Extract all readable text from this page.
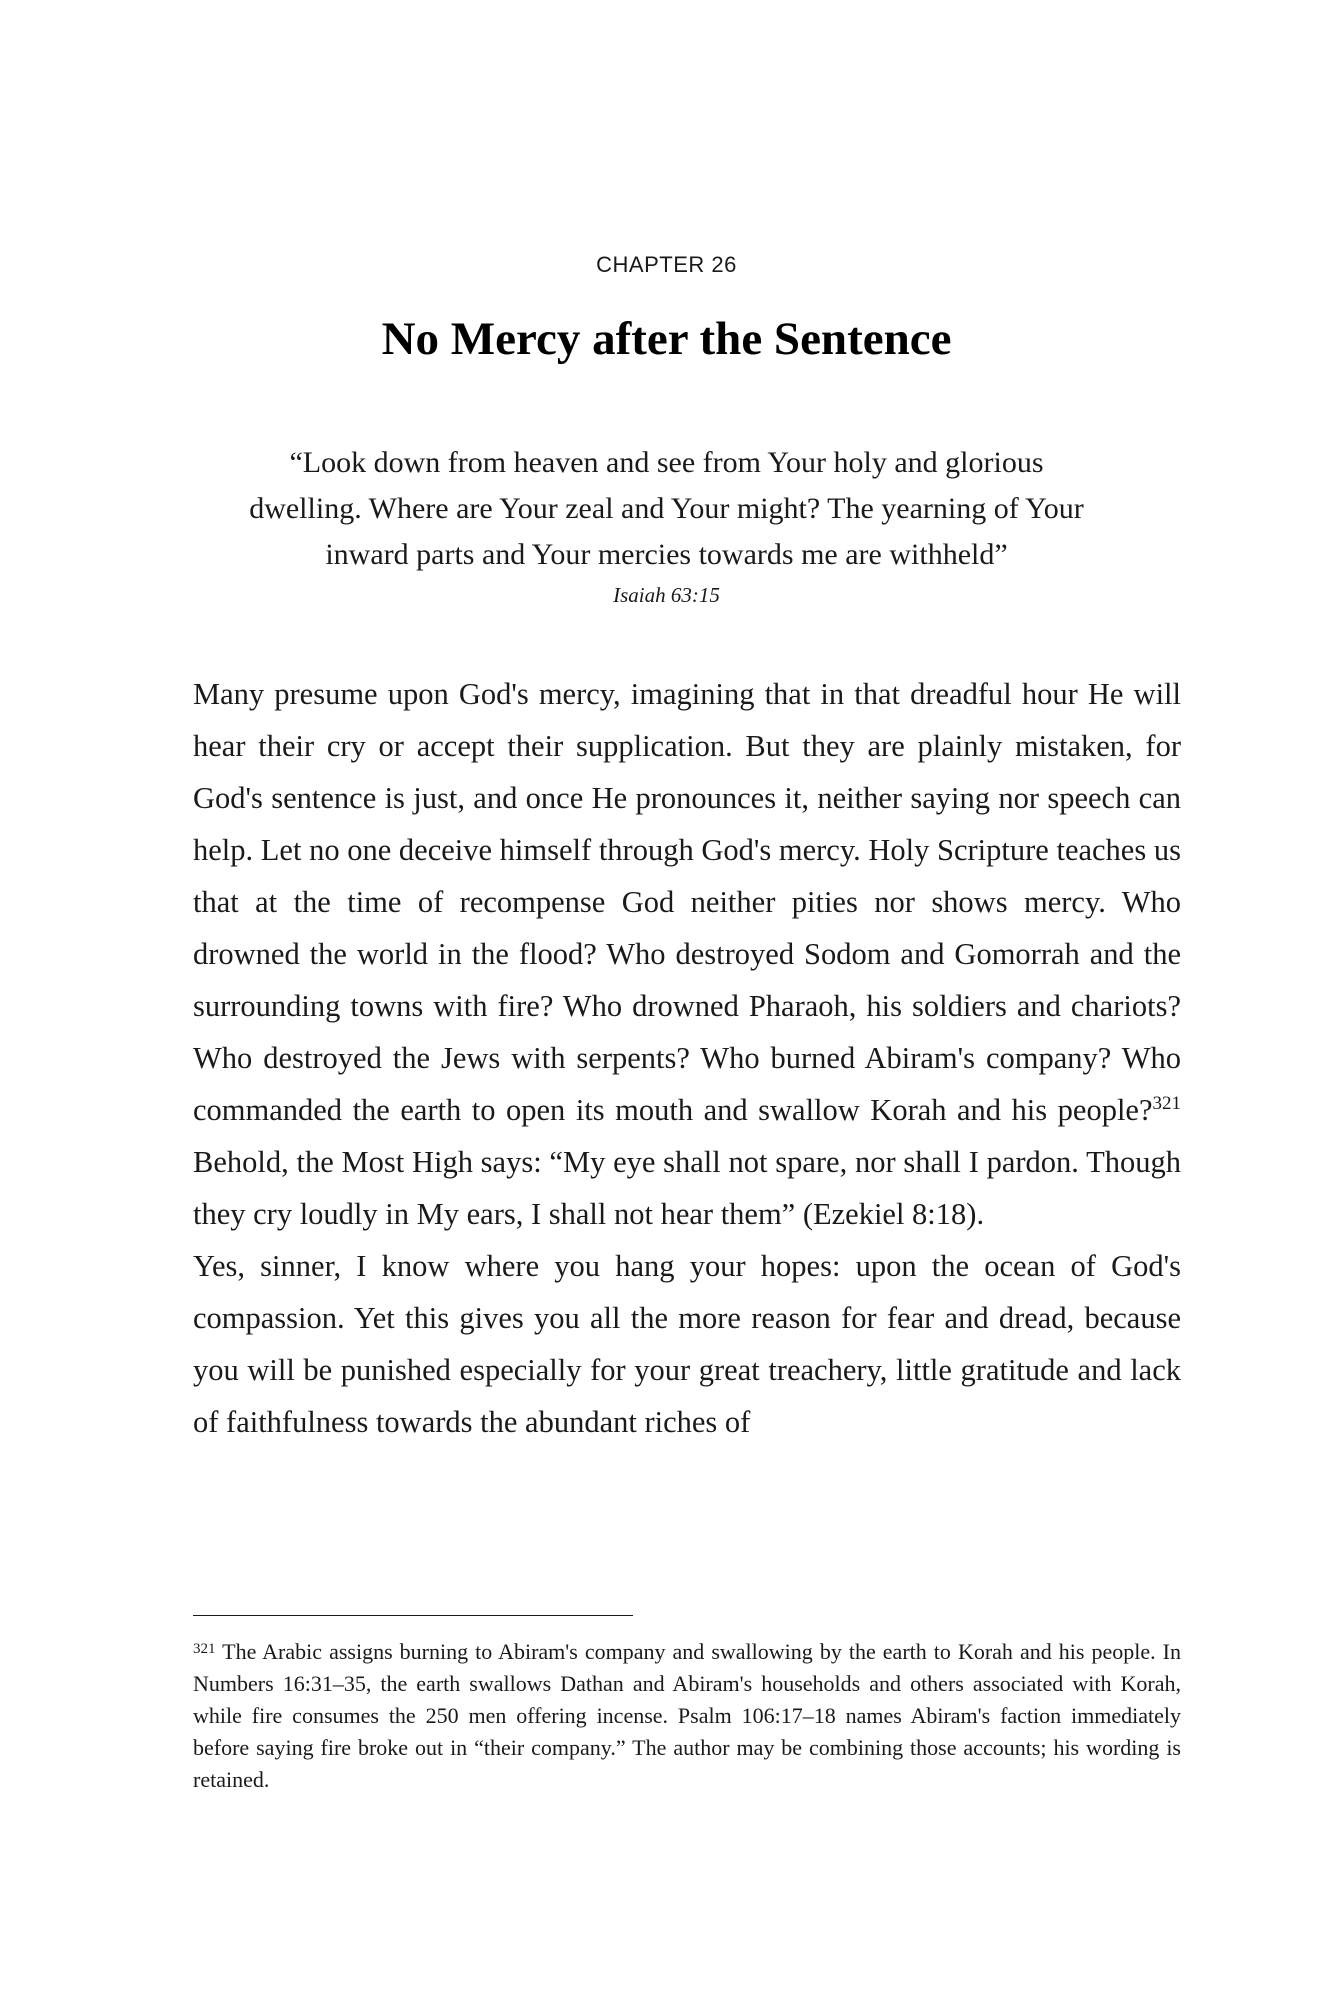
CHAPTER 26
No Mercy after the Sentence
“Look down from heaven and see from Your holy and glorious dwelling. Where are Your zeal and Your might? The yearning of Your inward parts and Your mercies towards me are withheld”
Isaiah 63:15

Many presume upon God's mercy, imagining that in that dreadful hour He will hear their cry or accept their supplication. But they are plainly mistaken, for God's sentence is just, and once He pronounces it, neither saying nor speech can help. Let no one deceive himself through God's mercy. Holy Scripture teaches us that at the time of recompense God neither pities nor shows mercy. Who drowned the world in the flood? Who destroyed Sodom and Gomorrah and the surrounding towns with fire? Who drowned Pharaoh, his soldiers and chariots? Who destroyed the Jews with serpents? Who burned Abiram's company? Who commanded the earth to open its mouth and swallow Korah and his people?$^{321}$ Behold, the Most High says: “My eye shall not spare, nor shall I pardon. Though they cry loudly in My ears, I shall not hear them” (Ezekiel 8:18).

Yes, sinner, I know where you hang your hopes: upon the ocean of God's compassion. Yet this gives you all the more reason for fear and dread, because you will be punished especially for your great treachery, little gratitude and lack of faithfulness towards the abundant riches of

$^{321}$ The Arabic assigns burning to Abiram's company and swallowing by the earth to Korah and his people. In Numbers 16:31–35, the earth swallows Dathan and Abiram's households and others associated with Korah, while fire consumes the 250 men offering incense. Psalm 106:17–18 names Abiram's faction immediately before saying fire broke out in “their company.” The author may be combining those accounts; his wording is retained.
